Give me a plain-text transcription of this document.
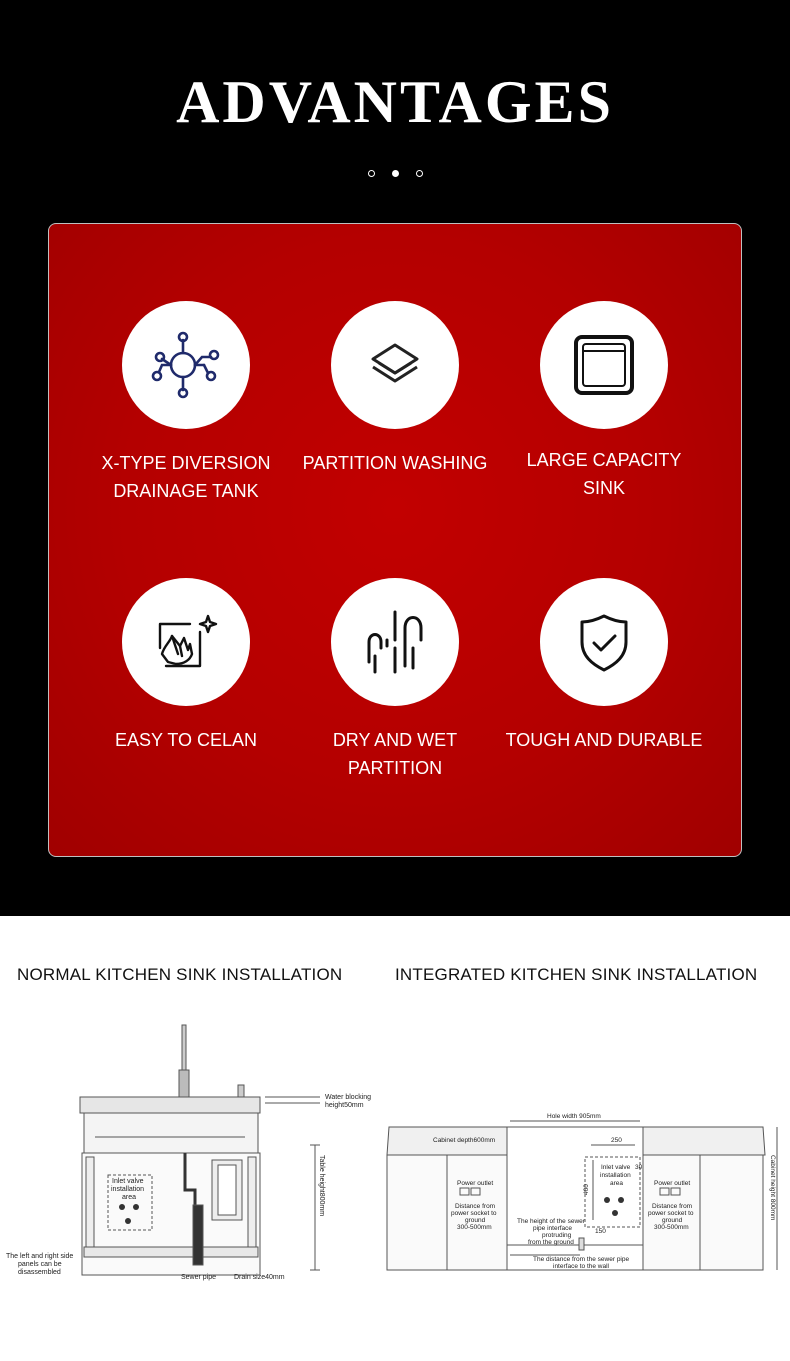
ADVANTAGES
X-TYPE DIVERSION
DRAINAGE TANK
PARTITION WASHING	LARGE CAPACITY
SINK
EASY TO CELAN	DRY AND WET
PARTITION
TOUGH AND DURABLE
NORMAL KITCHEN SINK INSTALLATION	INTEGRATED KITCHEN SINK INSTALLATION
Water blocking
height50mm
Table height800mm
Inlet valve
installation
area
The left and right side
panels can be
disassembled
Sewer pipe	Drain size40mm
Hole width 905mm
Cabinet depth600mm	250
30
400
150
Inlet valve
installation
area
Power outlet
Distance from
power socket to
ground
300-500mm
Power outlet
Distance from
power socket to
ground
300-500mm
The height of the sewer
pipe interface
protruding
from the ground
The distance from the sewer pipe
interface to the wall
Cabinet height 800mm
